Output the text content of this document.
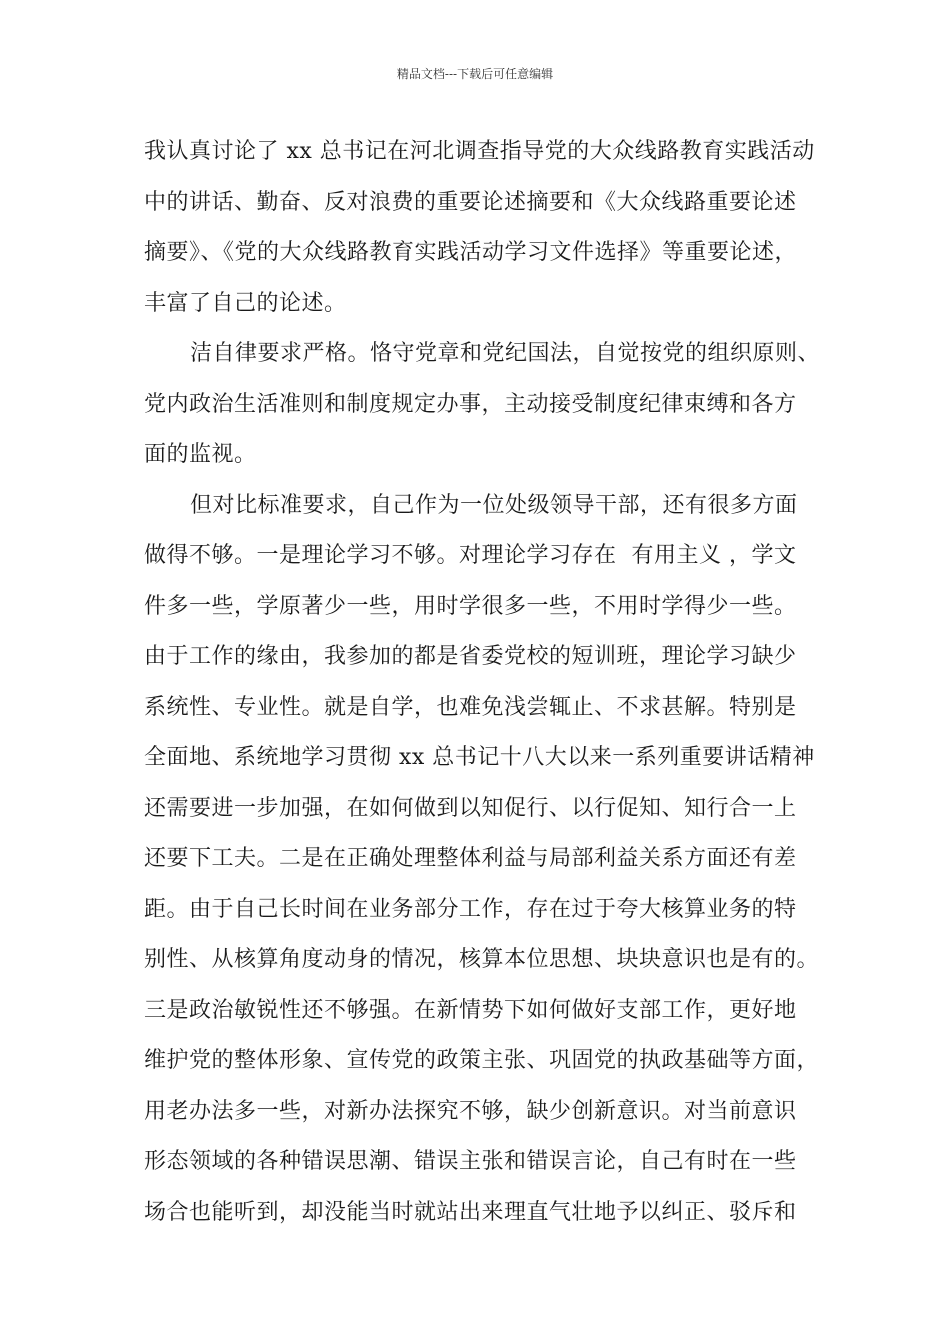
精品文档---下载后可任意编辑
我认真讨论了 xx 总书记在河北调查指导党的大众线路教育实践活动
中的讲话、勤奋、反对浪费的重要论述摘要和《大众线路重要论述
摘要》、《党的大众线路教育实践活动学习文件选择》等重要论述，
丰富了自己的论述。
洁自律要求严格。恪守党章和党纪国法，自觉按党的组织原则、
党内政治生活准则和制度规定办事，主动接受制度纪律束缚和各方
面的监视。
但对比标准要求，自己作为一位处级领导干部，还有很多方面
做得不够。一是理论学习不够。对理论学习存在  有用主义 ，学文
件多一些，学原著少一些，用时学很多一些，不用时学得少一些。
由于工作的缘由，我参加的都是省委党校的短训班，理论学习缺少
系统性、专业性。就是自学，也难免浅尝辄止、不求甚解。特别是
全面地、系统地学习贯彻 xx 总书记十八大以来一系列重要讲话精神
还需要进一步加强，在如何做到以知促行、以行促知、知行合一上
还要下工夫。二是在正确处理整体利益与局部利益关系方面还有差
距。由于自己长时间在业务部分工作，存在过于夸大核算业务的特
别性、从核算角度动身的情况，核算本位思想、块块意识也是有的。
三是政治敏锐性还不够强。在新情势下如何做好支部工作，更好地
维护党的整体形象、宣传党的政策主张、巩固党的执政基础等方面，
用老办法多一些，对新办法探究不够，缺少创新意识。对当前意识
形态领域的各种错误思潮、错误主张和错误言论，自己有时在一些
场合也能听到，却没能当时就站出来理直气壮地予以纠正、驳斥和
